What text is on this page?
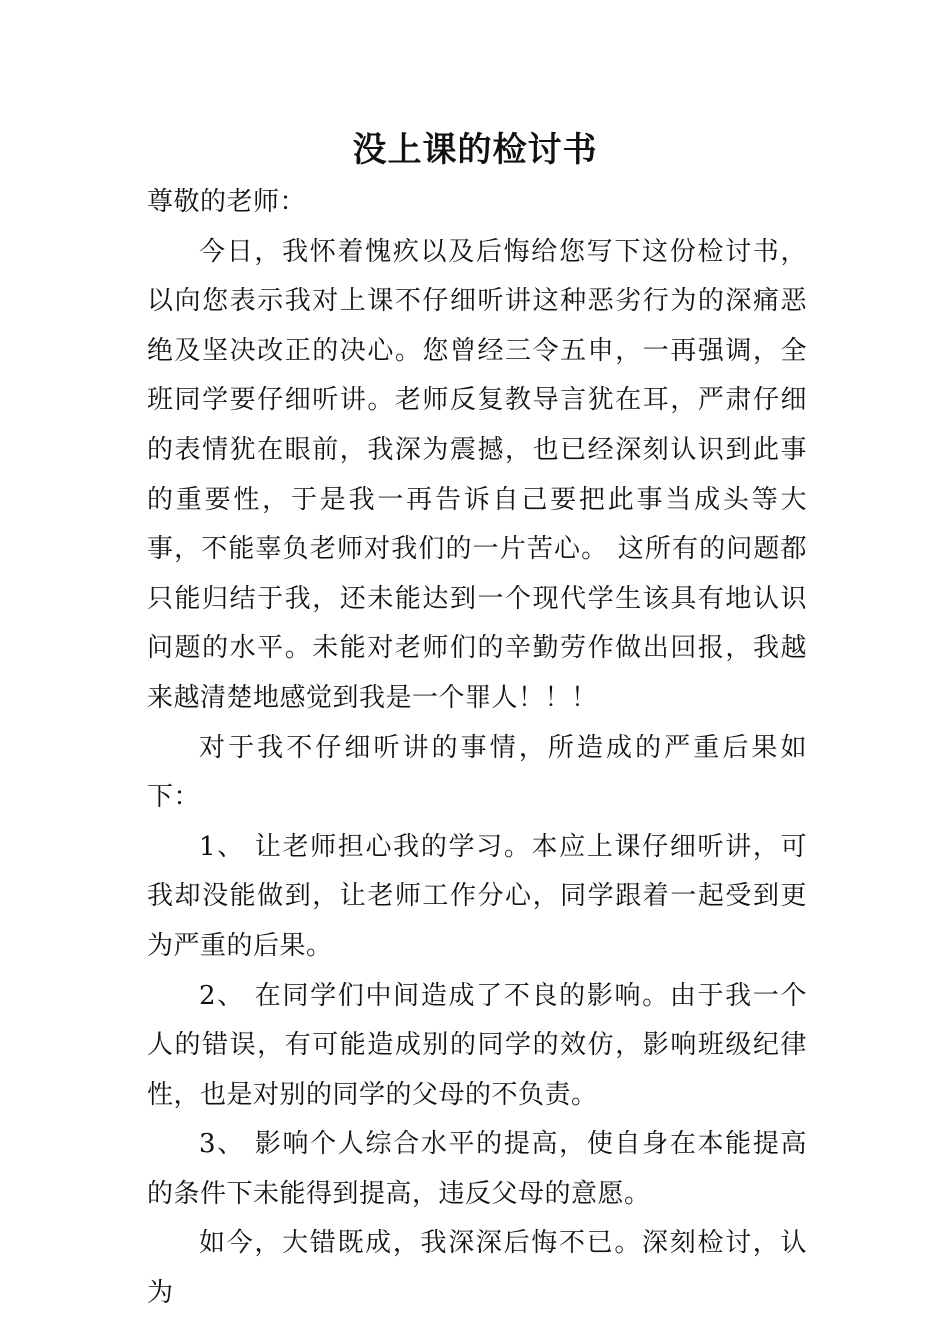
没上课的检讨书

尊敬的老师：

今日，我怀着愧疚以及后悔给您写下这份检讨书，以向您表示我对上课不仔细听讲这种恶劣行为的深痛恶绝及坚决改正的决心。您曾经三令五申，一再强调，全班同学要仔细听讲。老师反复教导言犹在耳，严肃仔细的表情犹在眼前，我深为震撼，也已经深刻认识到此事的重要性，于是我一再告诉自己要把此事当成头等大事，不能辜负老师对我们的一片苦心。 这所有的问题都只能归结于我，还未能达到一个现代学生该具有地认识问题的水平。未能对老师们的辛勤劳作做出回报，我越来越清楚地感觉到我是一个罪人！！！

对于我不仔细听讲的事情，所造成的严重后果如下：

1、 让老师担心我的学习。本应上课仔细听讲，可我却没能做到，让老师工作分心，同学跟着一起受到更为严重的后果。

2、 在同学们中间造成了不良的影响。由于我一个人的错误，有可能造成别的同学的效仿，影响班级纪律性，也是对别的同学的父母的不负责。

3、 影响个人综合水平的提高，使自身在本能提高的条件下未能得到提高，违反父母的意愿。

如今，大错既成，我深深后悔不已。深刻检讨，认为
